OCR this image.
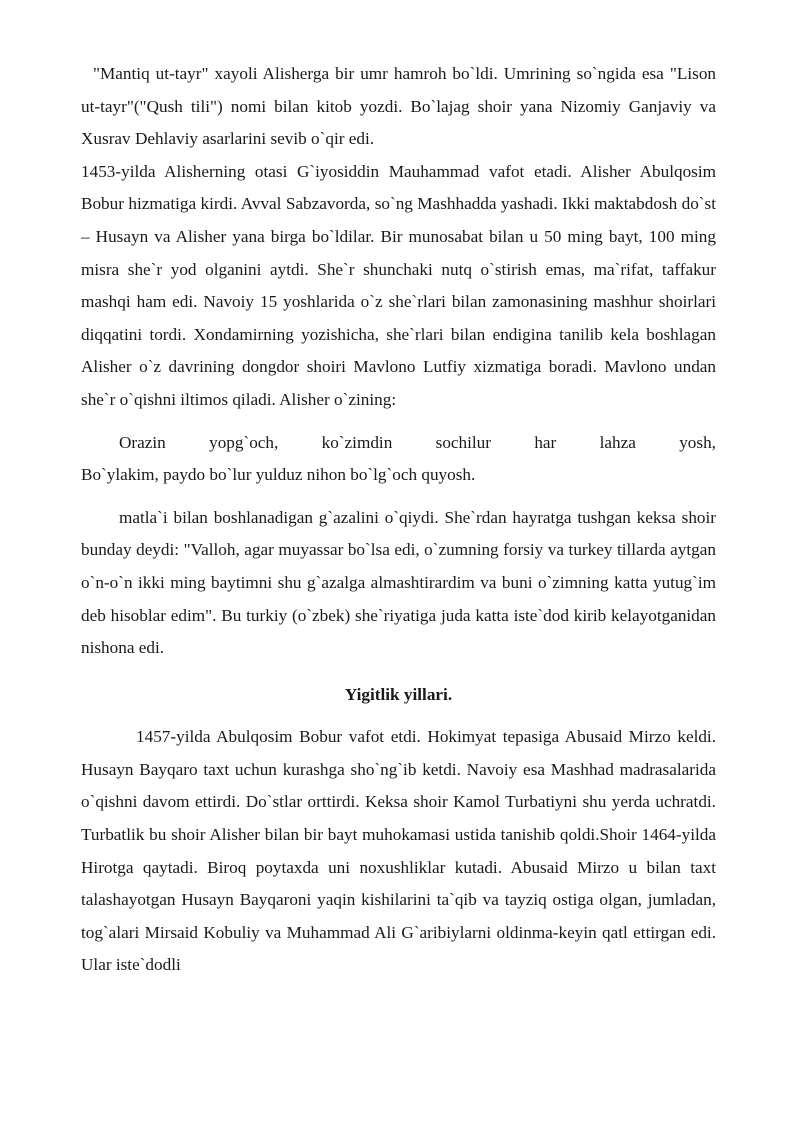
"Mantiq ut-tayr" xayoli Alisherga bir umr hamroh bo`ldi. Umrining so`ngida esa "Lison ut-tayr"("Qush tili") nomi bilan kitob yozdi. Bo`lajag shoir yana Nizomiy Ganjaviy va Xusrav Dehlaviy asarlarini sevib o`qir edi.
1453-yilda Alisherning otasi G`iyosiddin Mauhammad vafot etadi. Alisher Abulqosim Bobur hizmatiga kirdi. Avval Sabzavorda, so`ng Mashhadda yashadi. Ikki maktabdosh do`st – Husayn va Alisher yana birga bo`ldilar. Bir munosabat bilan u 50 ming bayt, 100 ming misra she`r yod olganini aytdi. She`r shunchaki nutq o`stirish emas, ma`rifat, taffakur mashqi ham edi. Navoiy 15 yoshlarida o`z she`rlari bilan zamonasining mashhur shoirlari diqqatini tordi. Xondamirning yozishicha, she`rlari bilan endigina tanilib kela boshlagan Alisher o`z davrining dongdor shoiri Mavlono Lutfiy xizmatiga boradi. Mavlono undan she`r o`qishni iltimos qiladi. Alisher o`zining:

Orazin	yopg`och,	ko`zimdin	sochilur	har	lahza	yosh,

Bo`ylakim, paydo bo`lur yulduz nihon bo`lg`och quyosh.

matla`i bilan boshlanadigan g`azalini o`qiydi. She`rdan hayratga tushgan keksa shoir bunday deydi: "Valloh, agar muyassar bo`lsa edi, o`zumning forsiy va turkey tillarda aytgan o`n-o`n ikki ming baytimni shu g`azalga almashtirardim va buni o`zimning katta yutug`im deb hisoblar edim". Bu turkiy (o`zbek) she`riyatiga juda katta iste`dod kirib kelayotganidan nishona edi.
Yigitlik yillari.
1457-yilda Abulqosim Bobur vafot etdi. Hokimyat tepasiga Abusaid Mirzo keldi. Husayn Bayqaro taxt uchun kurashga sho`ng`ib ketdi. Navoiy esa Mashhad madrasalarida o`qishni davom ettirdi. Do`stlar orttirdi. Keksa shoir Kamol Turbatiyni shu yerda uchratdi. Turbatlik bu shoir Alisher bilan bir bayt muhokamasi ustida tanishib qoldi.Shoir 1464-yilda Hirotga qaytadi. Biroq poytaxda uni noxushliklar kutadi. Abusaid Mirzo u bilan taxt talashayotgan Husayn Bayqaroni yaqin kishilarini ta`qib va tayziq ostiga olgan, jumladan, tog`alari Mirsaid Kobuliy va Muhammad Ali G`aribiylarni oldinma-keyin qatl ettirgan edi. Ular iste`dodli
